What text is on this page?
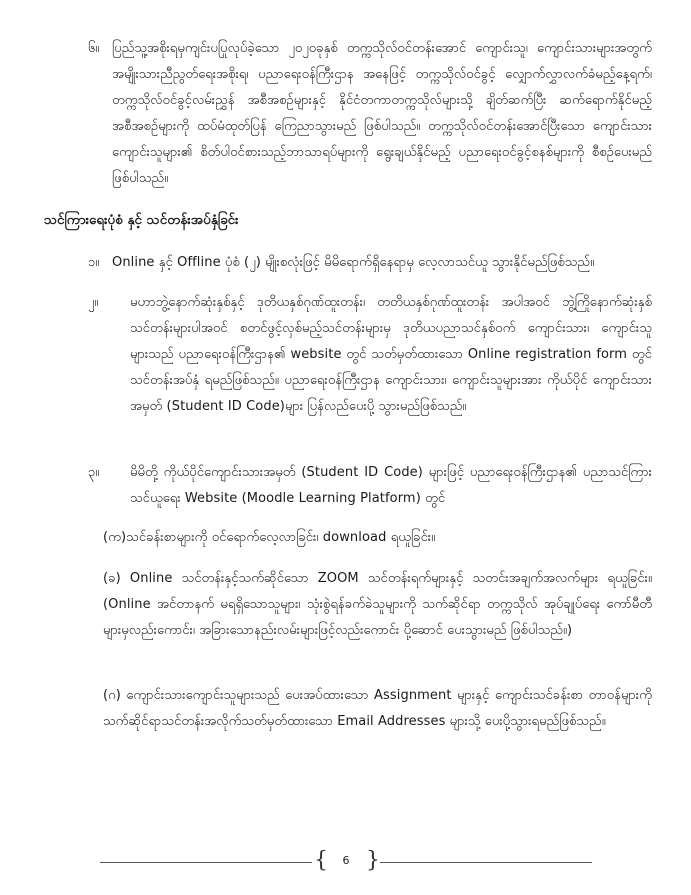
၆။ ပြည်သူ့အစိုးရမှကျင်းပပြုလုပ်ခဲ့သော ၂၀၂၀ခုနှစ် တက္ကသိုလ်ဝင်တန်းအောင် ကျောင်းသူ၊ ကျောင်းသားများအတွက် အမျိုးသားညီညွတ်ရေးအစိုးရ၊ ပညာရေးဝန်ကြီးဌာန အနေဖြင့် တက္ကသိုလ်ဝင်ခွင့် လျှောက်လွှာလက်ခံမည့်နေ့ရက်၊ တက္ကသိုလ်ဝင်ခွင့်လမ်းညွှန် အစီအစဉ်များနှင့် နိုင်ငံတကာတက္ကသိုလ်များသို့ ချိတ်ဆက်ပြီး ဆက်ရောက်နိုင်မည့် အစီအစဉ်များကို ထပ်မံထုတ်ပြန် ကြေညာသွားမည် ဖြစ်ပါသည်။ တက္ကသိုလ်ဝင်တန်းအောင်ပြီးသော ကျောင်းသားကျောင်းသူများ၏ စိတ်ပါဝင်စားသည့်ဘာသာရပ်များကို ရွေးချယ်နိုင်မည့် ပညာရေးဝင်ခွင့်စနစ်များကို စီစဉ်ပေးမည် ဖြစ်ပါသည်။

သင်ကြားရေးပုံစံ နှင့် သင်တန်းအပ်နှံခြင်း

၁။ Online နှင့် Offline ပုံစံ (၂) မျိုးစလုံးဖြင့် မိမိရောက်ရှိနေရာမှ လေ့လာသင်ယူ သွားနိုင်မည်ဖြစ်သည်။

၂။ မဟာဘွဲ့နောက်ဆုံးနှစ်နှင့် ဒုတိယနှစ်ဂုဏ်ထူးတန်း၊ တတိယနှစ်ဂုဏ်ထူးတန်း အပါအဝင် ဘွဲ့ကြိုနောက်ဆုံးနှစ် သင်တန်းများပါအဝင် စတင်ဖွင့်လှစ်မည့်သင်တန်းများမှ ဒုတိယပညာသင်နှစ်ဝက် ကျောင်းသား၊ ကျောင်းသူများသည် ပညာရေးဝန်ကြီးဌာန၏ website တွင် သတ်မှတ်ထားသော Online registration form တွင် သင်တန်းအပ်နှံ ရမည်ဖြစ်သည်။ ပညာရေးဝန်ကြီးဌာန ကျောင်းသား၊ ကျောင်းသူများအား ကိုယ်ပိုင် ကျောင်းသားအမှတ် (Student ID Code)များ ပြန်လည်ပေးပို့ သွားမည်ဖြစ်သည်။

၃။ မိမိတို့ ကိုယ်ပိုင်ကျောင်းသားအမှတ် (Student ID Code) များဖြင့် ပညာရေးဝန်ကြီးဌာန၏ ပညာသင်ကြားသင်ယူရေး Website (Moodle Learning Platform) တွင်

(က)သင်ခန်းစာများကို ဝင်ရောက်လေ့လာခြင်း၊ download ရယူခြင်း။

(ခ) Online သင်တန်းနှင့်သက်ဆိုင်သော ZOOM သင်တန်းရက်များနှင့် သတင်းအချက်အလက်များ ရယူခြင်း။ (Online အင်တာနက် မရရှိသောသူများ၊ သုံးစွဲရန်ခက်ခဲသူများကို သက်ဆိုင်ရာ တက္ကသိုလ် အုပ်ချုပ်ရေး ကော်မီတီများမှလည်းကောင်း၊ အခြားသောနည်းလမ်းများဖြင့်လည်းကောင်း ပို့ဆောင် ပေးသွားမည် ဖြစ်ပါသည်။)

(ဂ) ကျောင်းသားကျောင်းသူများသည် ပေးအပ်ထားသော Assignment များနှင့် ကျောင်းသင်ခန်းစာ တာဝန်များကို သက်ဆိုင်ရာသင်တန်းအလိုက်သတ်မှတ်ထားသော Email Addresses များသို့ ပေးပို့သွားရမည်ဖြစ်သည်။

{	6 }
